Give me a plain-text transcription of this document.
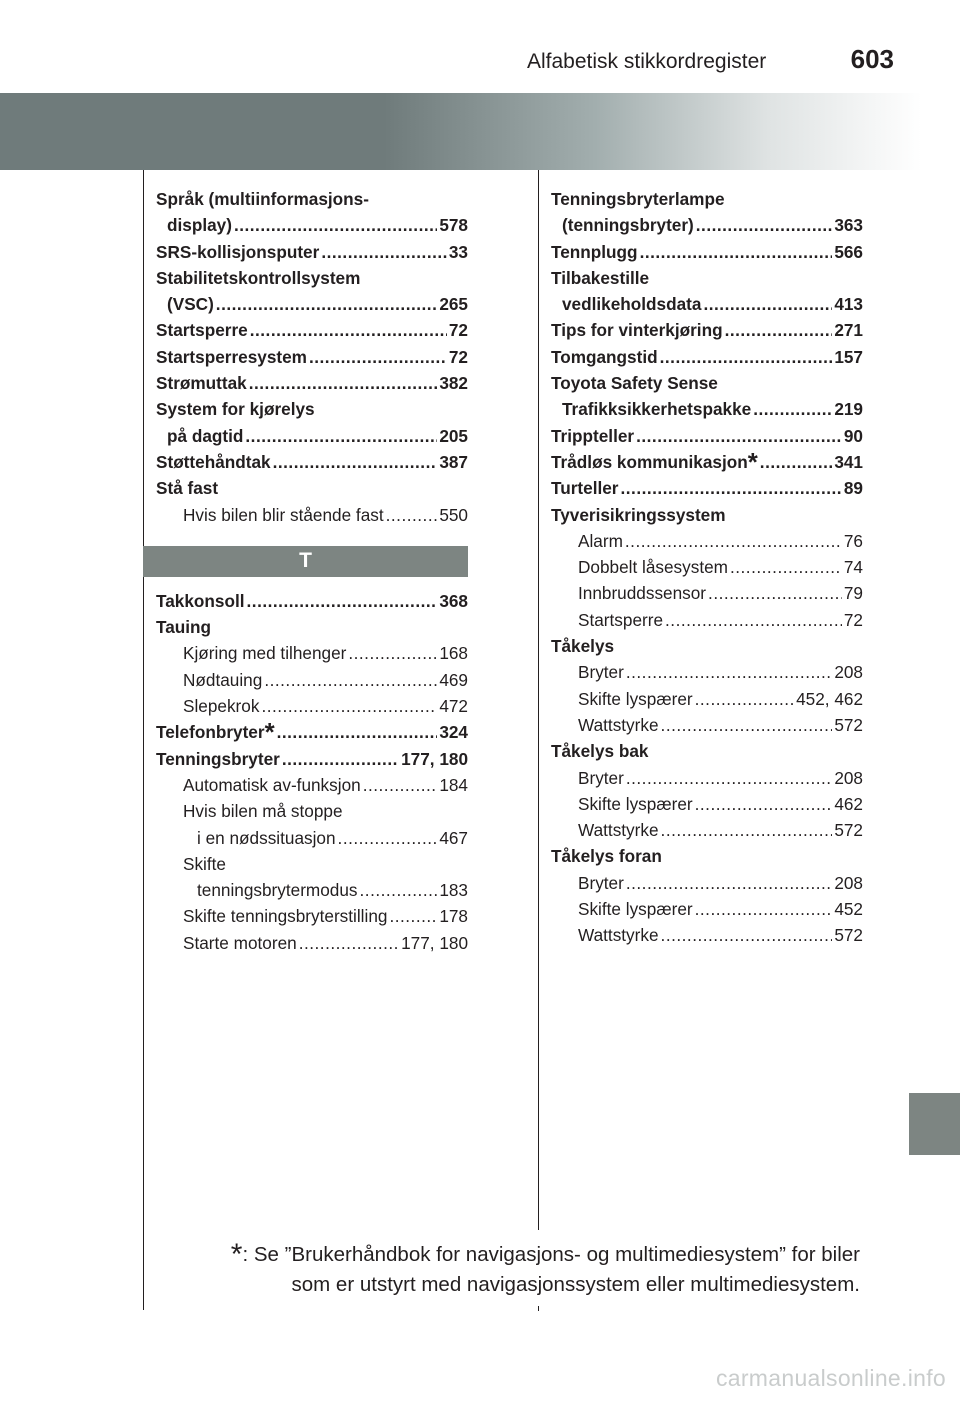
Alfabetisk stikkordregister	603
Språk (multiinformasjons-
display) .....	578
SRS-kollisjonsputer .....	33
Stabilitetskontrollsystem
(VSC) .....	265
Startsperre .....	72
Startsperresystem .....	72
Strømuttak .....	382
System for kjørelys
på dagtid .....	205
Støttehåndtak .....	387
Stå fast
Hvis bilen blir stående fast .....	550
T
Takkonsoll .....	368
Tauing
Kjøring med tilhenger .....	168
Nødtauing .....	469
Slepekrok .....	472
Telefonbryter * .....	324
Tenningsbryter .....	177, 180
Automatisk av-funksjon .....	184
Hvis bilen må stoppe
i en nødssituasjon .....	467
Skifte
tenningsbrytermodus .....	183
Skifte tenningsbryterstilling .....	178
Starte motoren .....	177, 180
Tenningsbryterlampe
(tenningsbryter) .....	363
Tennplugg .....	566
Tilbakestille
vedlikeholdsdata .....	413
Tips for vinterkjøring .....	271
Tomgangstid .....	157
Toyota Safety Sense
Trafikksikkerhetspakke .....	219
Trippteller .....	90
Trådløs kommunikasjon * .....	341
Turteller .....	89
Tyverisikringssystem
Alarm .....	76
Dobbelt låsesystem .....	74
Innbruddssensor .....	79
Startsperre .....	72
Tåkelys
Bryter .....	208
Skifte lyspærer .....	452, 462
Wattstyrke .....	572
Tåkelys bak
Bryter .....	208
Skifte lyspærer .....	462
Wattstyrke .....	572
Tåkelys foran
Bryter .....	208
Skifte lyspærer .....	452
Wattstyrke .....	572
*: Se ”Brukerhåndbok for navigasjons- og multimediesystem” for biler
som er utstyrt med navigasjonssystem eller multimediesystem.
carmanualsonline.info
